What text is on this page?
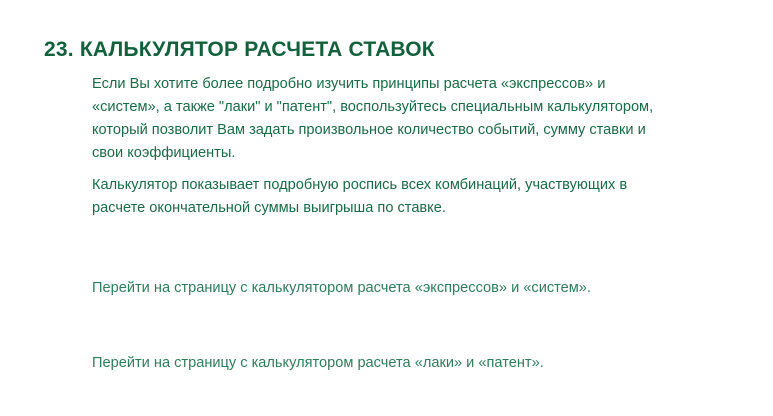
23. КАЛЬКУЛЯТОР РАСЧЕТА СТАВОК

Если Вы хотите более подробно изучить принципы расчета «экспрессов» и «систем», а также "лаки" и "патент", воспользуйтесь специальным калькулятором, который позволит Вам задать произвольное количество событий, сумму ставки и свои коэффициенты.

Калькулятор показывает подробную роспись всех комбинаций, участвующих в расчете окончательной суммы выигрыша по ставке.

Перейти на страницу с калькулятором расчета «экспрессов» и «систем».
Перейти на страницу с калькулятором расчета «лаки» и «патент».
